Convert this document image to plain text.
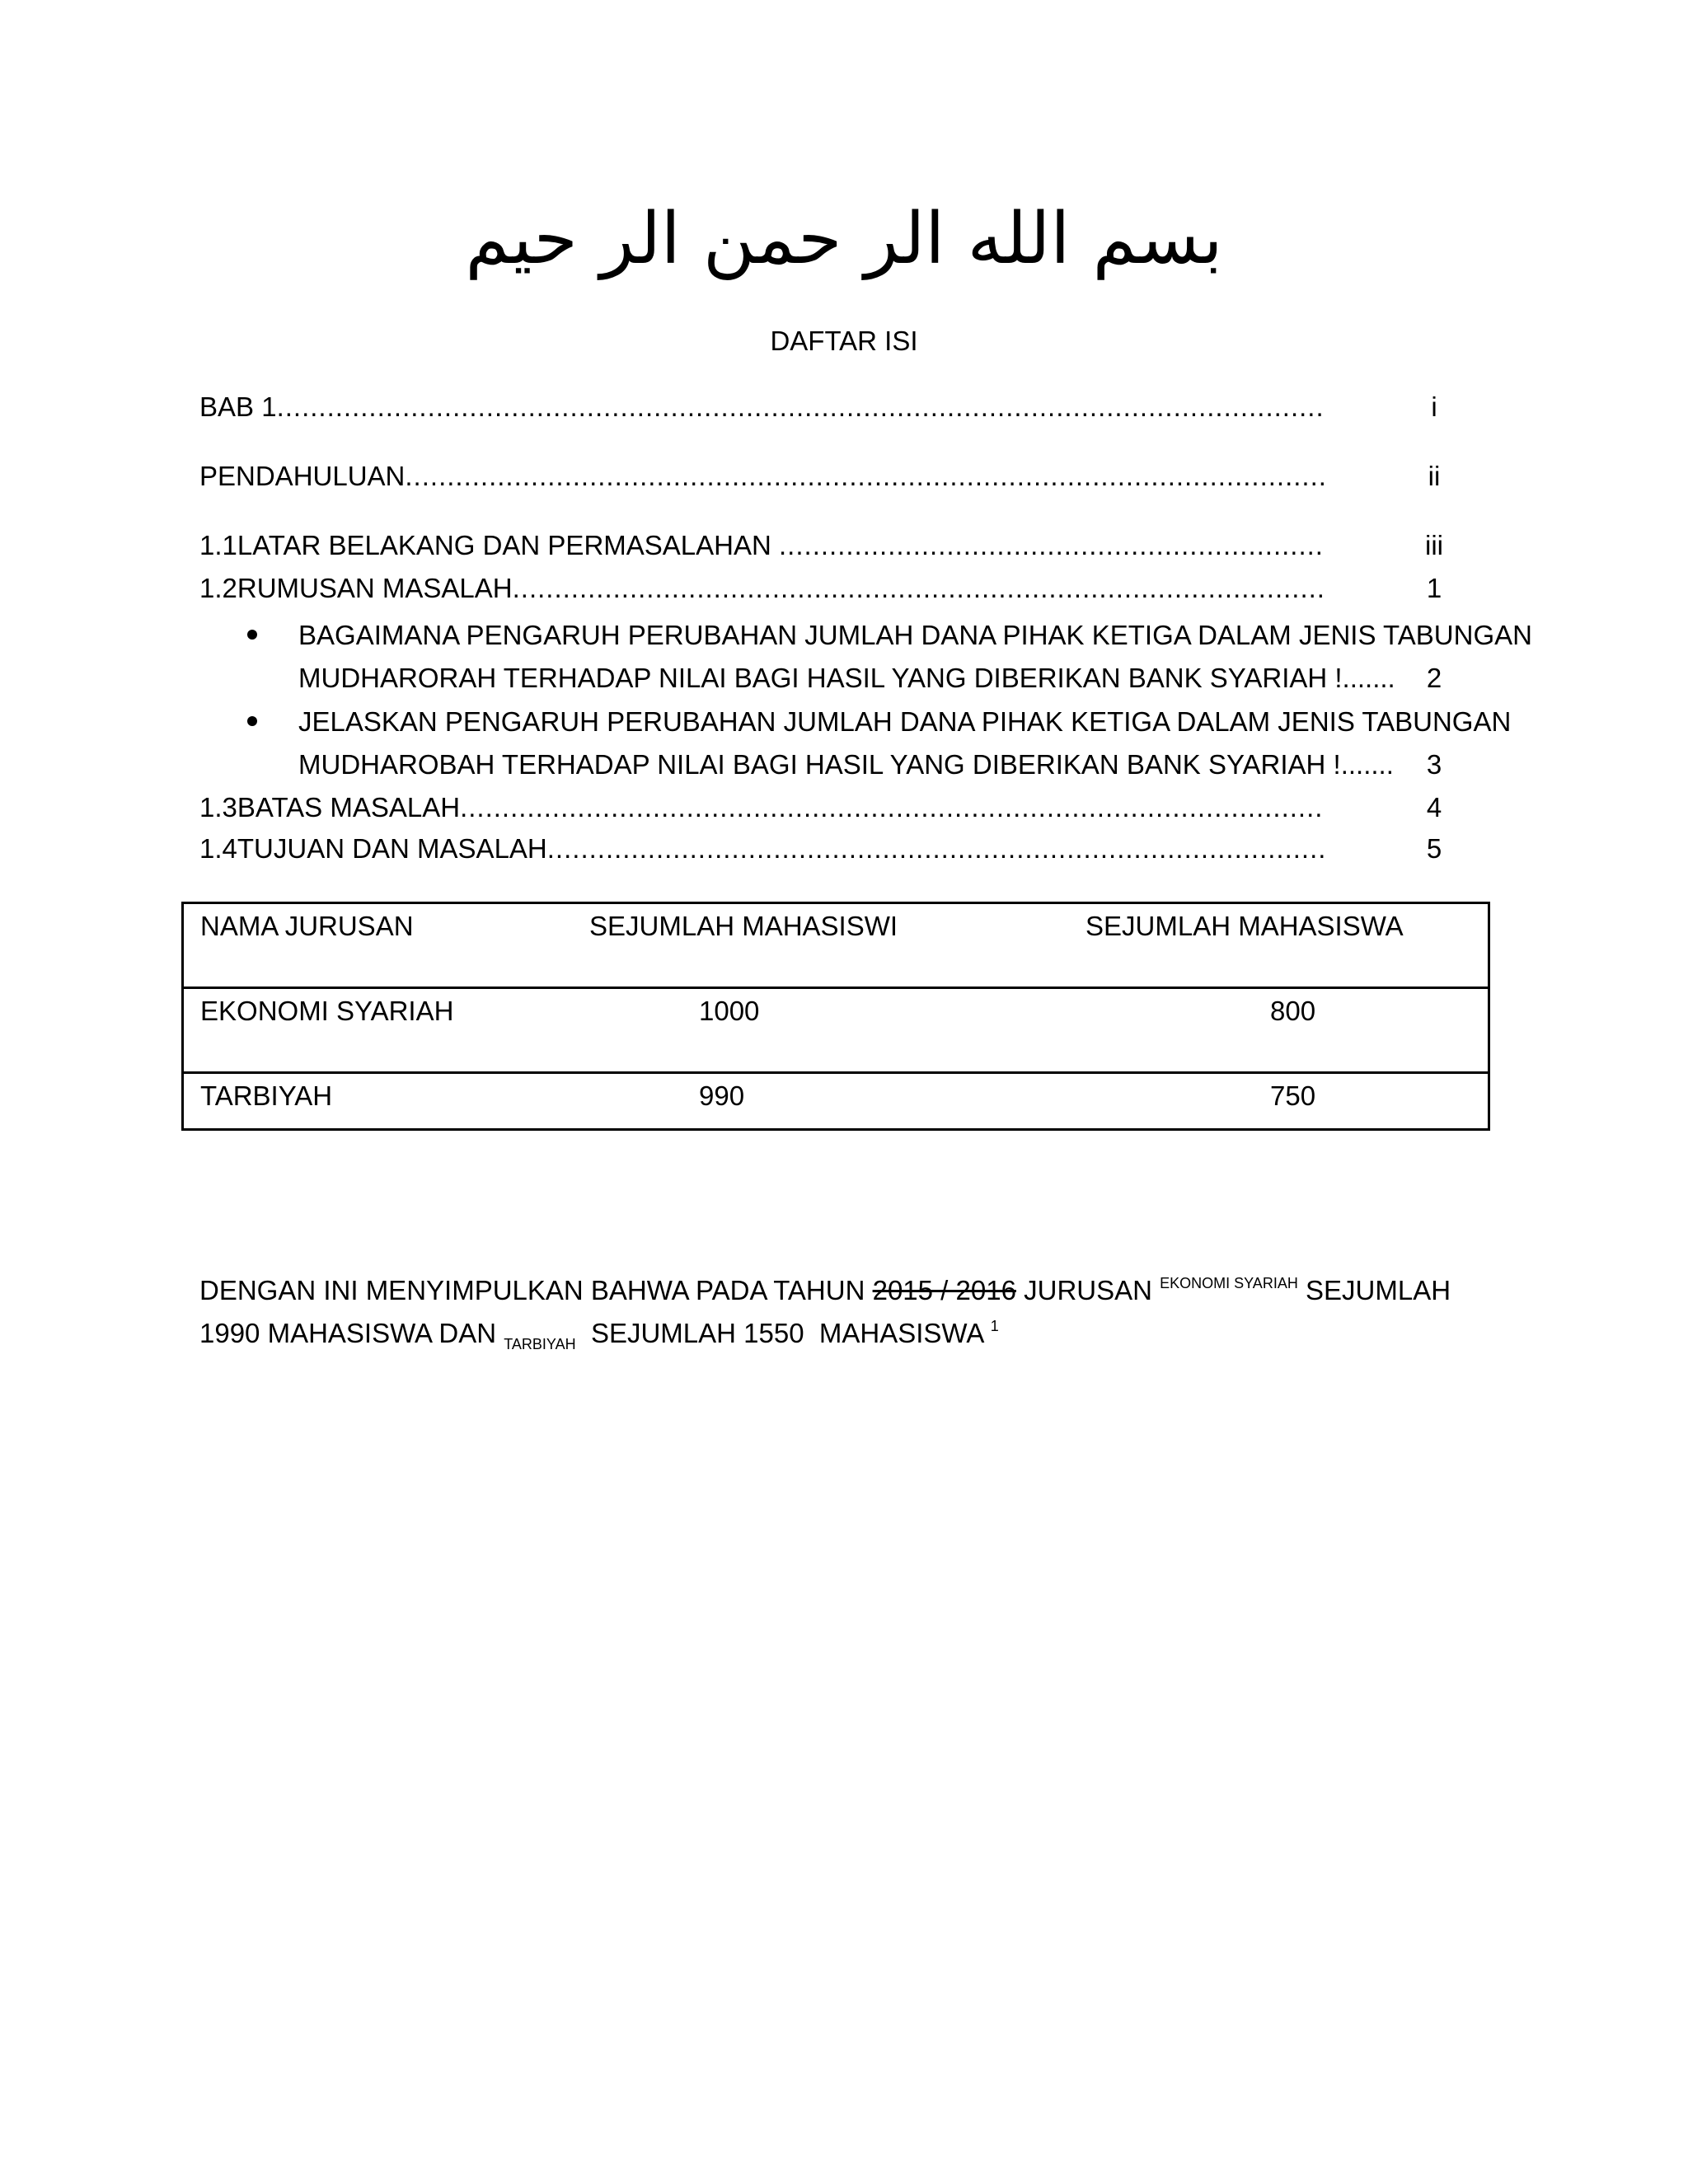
بسم الله الر حمن الر حيم
DAFTAR ISI
BAB 1 .....	i
PENDAHULUAN .....	ii
1.1 LATAR BELAKANG DAN PERMASALAHAN .....	iii
1.2 RUMUSAN MASALAH .....	1
BAGAIMANA PENGARUH PERUBAHAN JUMLAH DANA PIHAK KETIGA DALAM JENIS TABUNGAN
MUDHARORAH TERHADAP NILAI BAGI HASIL YANG DIBERIKAN BANK SYARIAH !.......	2
JELASKAN PENGARUH PERUBAHAN JUMLAH DANA PIHAK KETIGA DALAM JENIS TABUNGAN
MUDHAROBAH TERHADAP NILAI BAGI HASIL YANG DIBERIKAN BANK SYARIAH !.......	3
1.3 BATAS MASALAH .....	4
1.4 TUJUAN DAN MASALAH .....	5
NAMA JURUSAN	SEJUMLAH MAHASISWI	SEJUMLAH MAHASISWA
EKONOMI SYARIAH	1000	800
TARBIYAH	990	750
DENGAN INI MENYIMPULKAN BAHWA PADA TAHUN 2015 / 2016 JURUSAN $^{EKONOMI SYARIAH}$ SEJUMLAH 1990 MAHASISWA DAN $_{TARBIYAH}$  SEJUMLAH 1550  MAHASISWA $^1$
